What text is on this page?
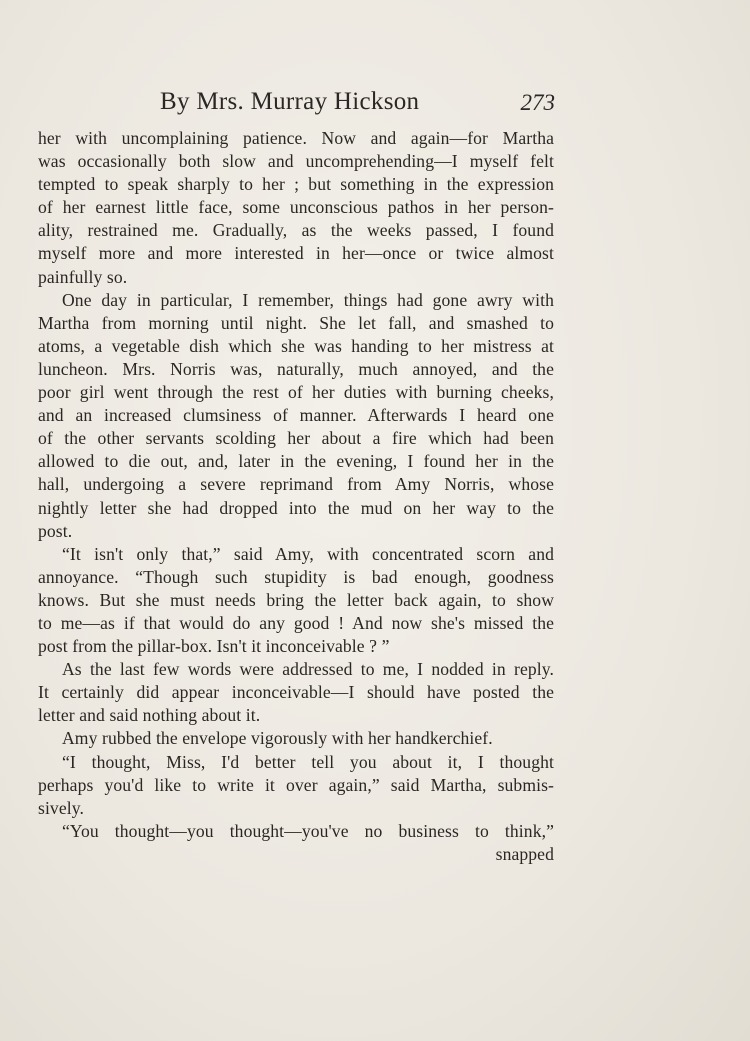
By Mrs. Murray Hickson	273
her with uncomplaining patience. Now and again—for Martha
was occasionally both slow and uncomprehending—I myself felt
tempted to speak sharply to her ; but something in the expression
of her earnest little face, some unconscious pathos in her person-
ality, restrained me. Gradually, as the weeks passed, I found
myself more and more interested in her—once or twice almost
painfully so.
One day in particular, I remember, things had gone awry with
Martha from morning until night. She let fall, and smashed to
atoms, a vegetable dish which she was handing to her mistress at
luncheon. Mrs. Norris was, naturally, much annoyed, and the
poor girl went through the rest of her duties with burning cheeks,
and an increased clumsiness of manner. Afterwards I heard one
of the other servants scolding her about a fire which had been
allowed to die out, and, later in the evening, I found her in the
hall, undergoing a severe reprimand from Amy Norris, whose
nightly letter she had dropped into the mud on her way to the
post.
“It isn't only that,” said Amy, with concentrated scorn and
annoyance. “Though such stupidity is bad enough, goodness
knows. But she must needs bring the letter back again, to show
to me—as if that would do any good ! And now she's missed the
post from the pillar-box. Isn't it inconceivable ? ”
As the last few words were addressed to me, I nodded in reply.
It certainly did appear inconceivable—I should have posted the
letter and said nothing about it.
Amy rubbed the envelope vigorously with her handkerchief.
“I thought, Miss, I'd better tell you about it, I thought
perhaps you'd like to write it over again,” said Martha, submis-
sively.
“You thought—you thought—you've no business to think,”
snapped
